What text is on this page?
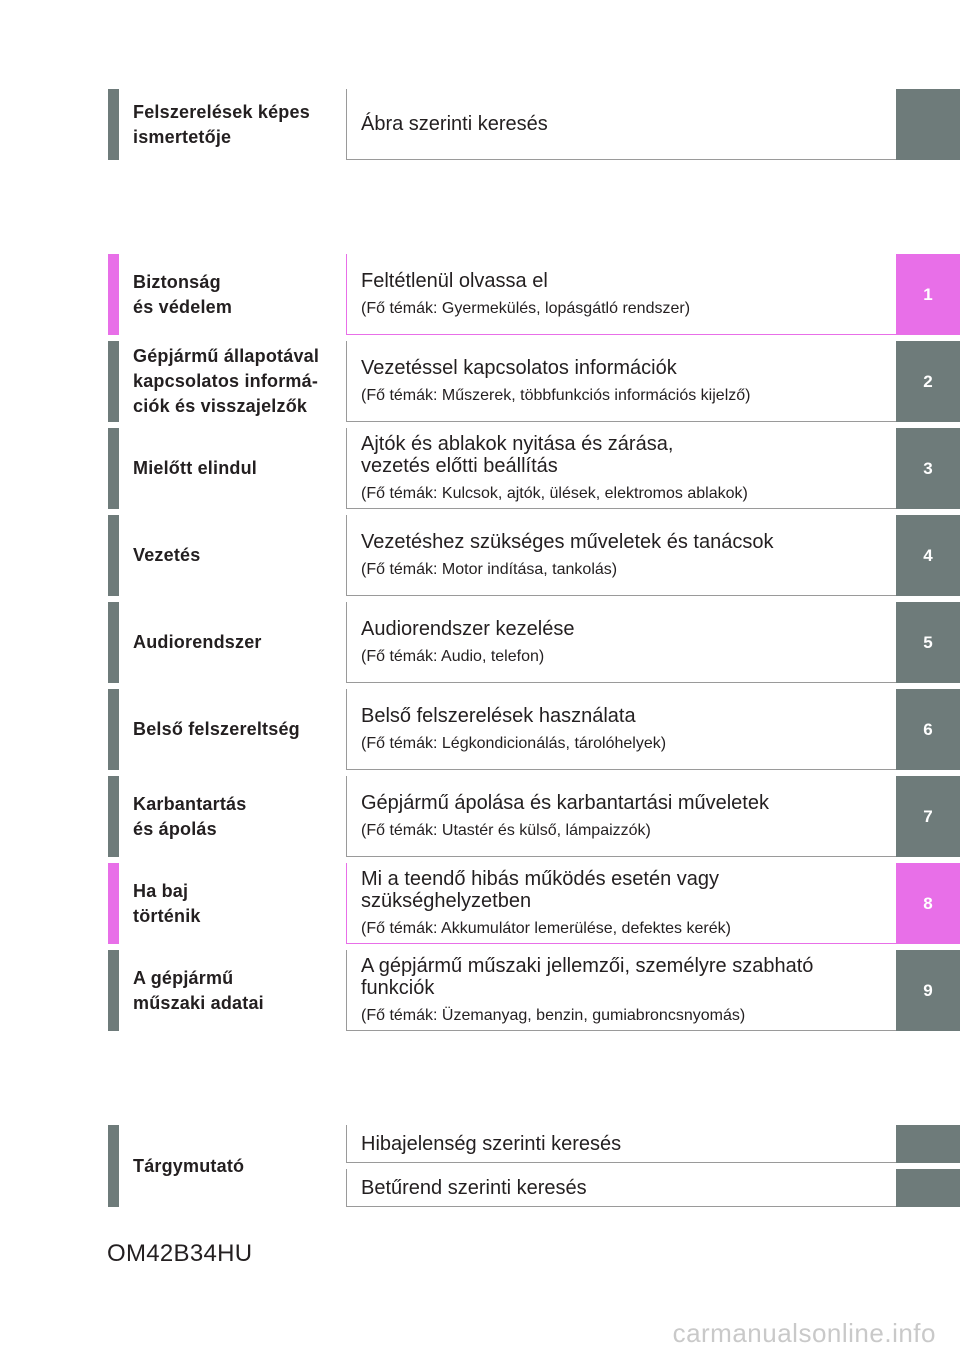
Felszerelések képes
ismertetője
Ábra szerinti keresés
Biztonság
és védelem
Feltétlenül olvassa el
(Fő témák: Gyermekülés, lopásgátló rendszer)
1
Gépjármű állapotával
kapcsolatos informá-
ciók és visszajelzők
Vezetéssel kapcsolatos információk
(Fő témák: Műszerek, többfunkciós információs kijelző)
2
Mielőtt elindul
Ajtók és ablakok nyitása és zárása,
vezetés előtti beállítás
(Fő témák: Kulcsok, ajtók, ülések, elektromos ablakok)
3
Vezetés
Vezetéshez szükséges műveletek és tanácsok
(Fő témák: Motor indítása, tankolás)
4
Audiorendszer
Audiorendszer kezelése
(Fő témák: Audio, telefon)
5
Belső felszereltség
Belső felszerelések használata
(Fő témák: Légkondicionálás, tárolóhelyek)
6
Karbantartás
és ápolás
Gépjármű ápolása és karbantartási műveletek
(Fő témák: Utastér és külső, lámpaizzók)
7
Ha baj
történik
Mi a teendő hibás működés esetén vagy
szükséghelyzetben
(Fő témák: Akkumulátor lemerülése, defektes kerék)
8
A gépjármű
műszaki adatai
A gépjármű műszaki jellemzői, személyre szabható
funkciók
(Fő témák: Üzemanyag, benzin, gumiabroncsnyomás)
9
Tárgymutató
Hibajelenség szerinti keresés
Betűrend szerinti keresés
OM42B34HU
carmanualsonline.info
